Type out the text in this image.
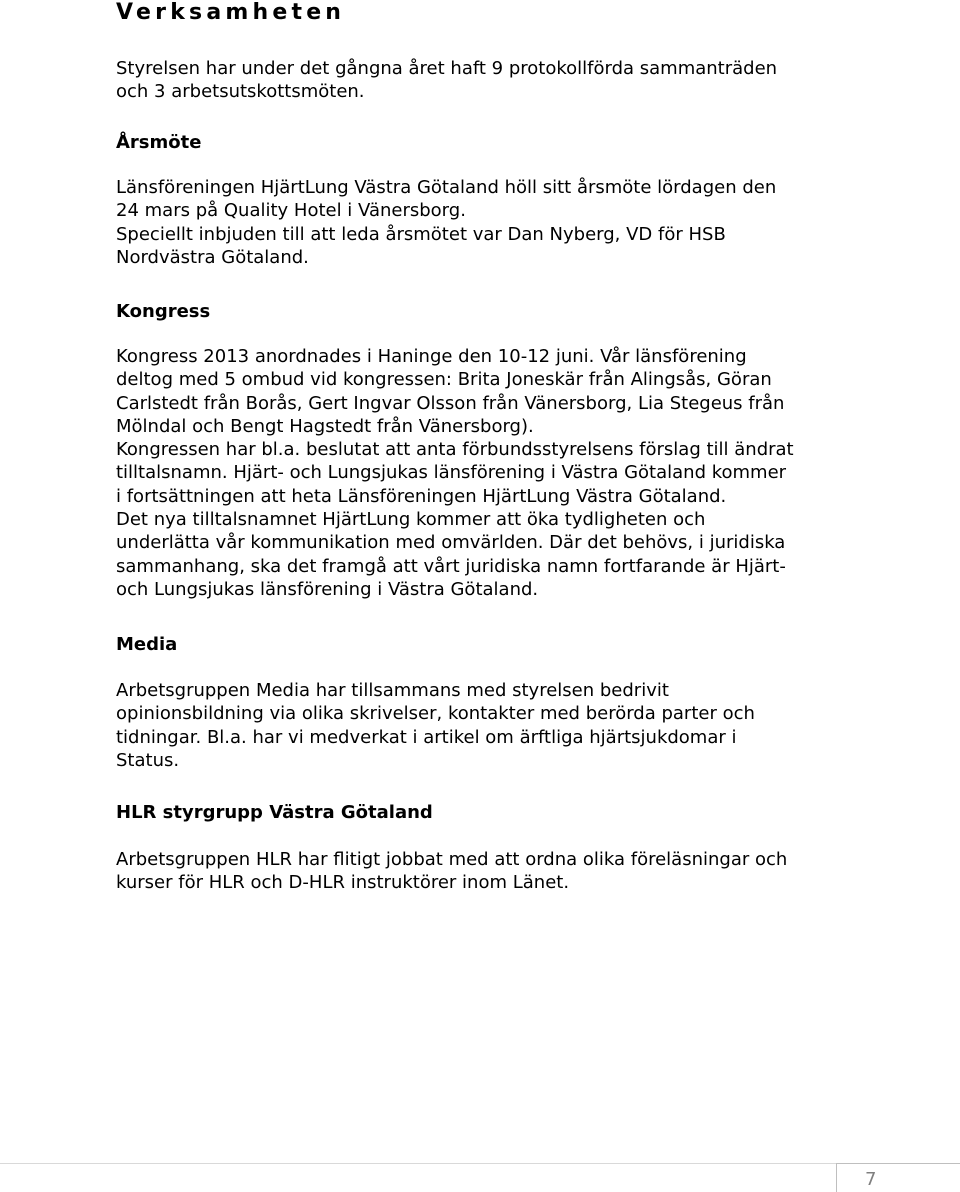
Verksamheten

Styrelsen har under det gångna året haft 9 protokollförda sammanträden
och 3 arbetsutskottsmöten.

Årsmöte

Länsföreningen HjärtLung Västra Götaland höll sitt årsmöte lördagen den
24 mars på Quality Hotel i Vänersborg.
Speciellt inbjuden till att leda årsmötet var Dan Nyberg, VD för HSB
Nordvästra Götaland.

Kongress

Kongress 2013 anordnades i Haninge den 10-12 juni. Vår länsförening
deltog med 5 ombud vid kongressen: Brita Joneskär från Alingsås, Göran
Carlstedt från Borås, Gert Ingvar Olsson från Vänersborg, Lia Stegeus från
Mölndal och Bengt Hagstedt från Vänersborg).
Kongressen har bl.a. beslutat att anta förbundsstyrelsens förslag till ändrat
tilltalsnamn. Hjärt- och Lungsjukas länsförening i Västra Götaland kommer
i fortsättningen att heta Länsföreningen HjärtLung Västra Götaland.
Det nya tilltalsnamnet HjärtLung kommer att öka tydligheten och
underlätta vår kommunikation med omvärlden. Där det behövs, i juridiska
sammanhang, ska det framgå att vårt juridiska namn fortfarande är Hjärt-
och Lungsjukas länsförening i Västra Götaland.

Media

Arbetsgruppen Media har tillsammans med styrelsen bedrivit
opinionsbildning via olika skrivelser, kontakter med berörda parter och
tidningar. Bl.a. har vi medverkat i artikel om ärftliga hjärtsjukdomar i
Status.

HLR styrgrupp Västra Götaland

Arbetsgruppen HLR har flitigt jobbat med att ordna olika föreläsningar och
kurser för HLR och D-HLR instruktörer inom Länet.

7
